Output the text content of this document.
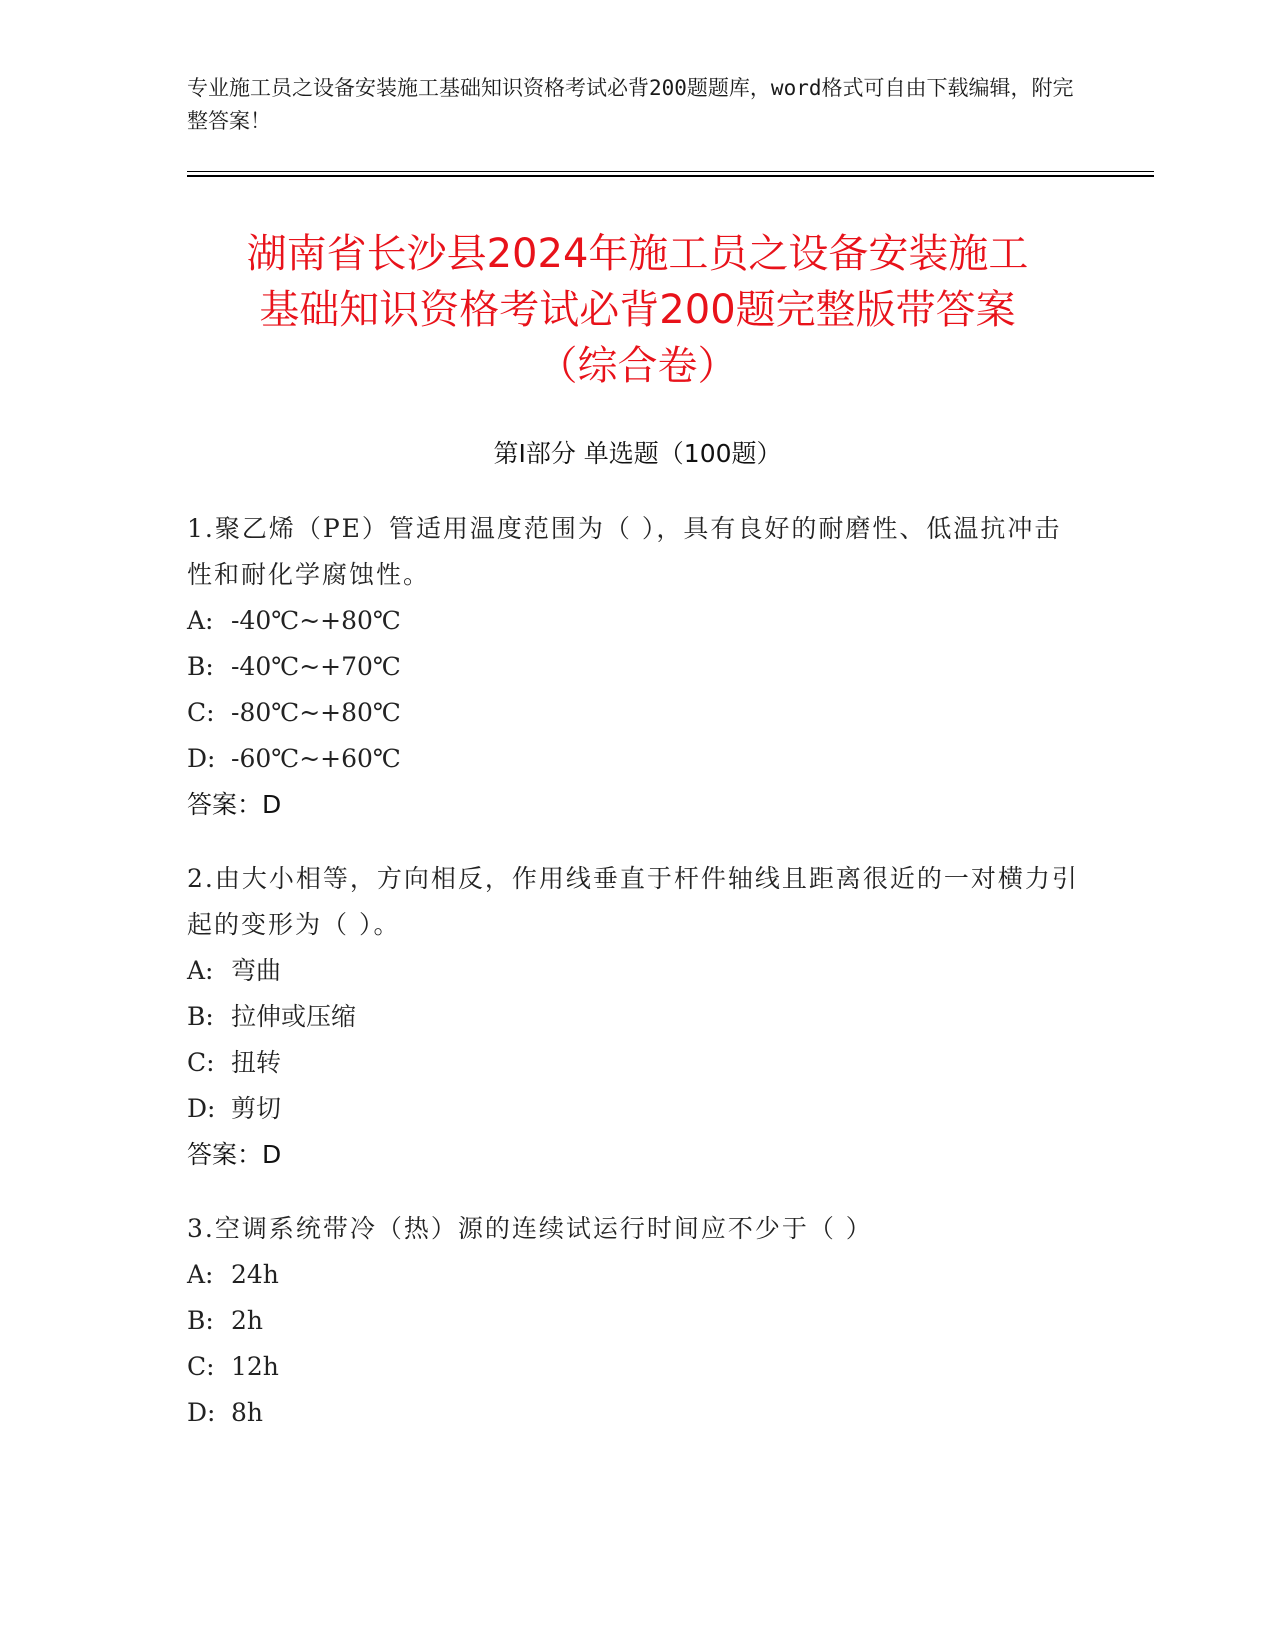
专业施工员之设备安装施工基础知识资格考试必背200题题库，word格式可自由下载编辑，附完整答案！
湖南省长沙县2024年施工员之设备安装施工
基础知识资格考试必背200题完整版带答案
（综合卷）
第Ⅰ部分 单选题（100题）
1.聚乙烯（PE）管适用温度范围为（ ），具有良好的耐磨性、低温抗冲击性和耐化学腐蚀性。
A: -40℃~+80℃
B: -40℃~+70℃
C: -80℃~+80℃
D: -60℃~+60℃
答案：D
2.由大小相等，方向相反，作用线垂直于杆件轴线且距离很近的一对横力引起的变形为（ ）。
A: 弯曲
B: 拉伸或压缩
C: 扭转
D: 剪切
答案：D
3.空调系统带冷（热）源的连续试运行时间应不少于（ ）
A: 24h
B: 2h
C: 12h
D: 8h
